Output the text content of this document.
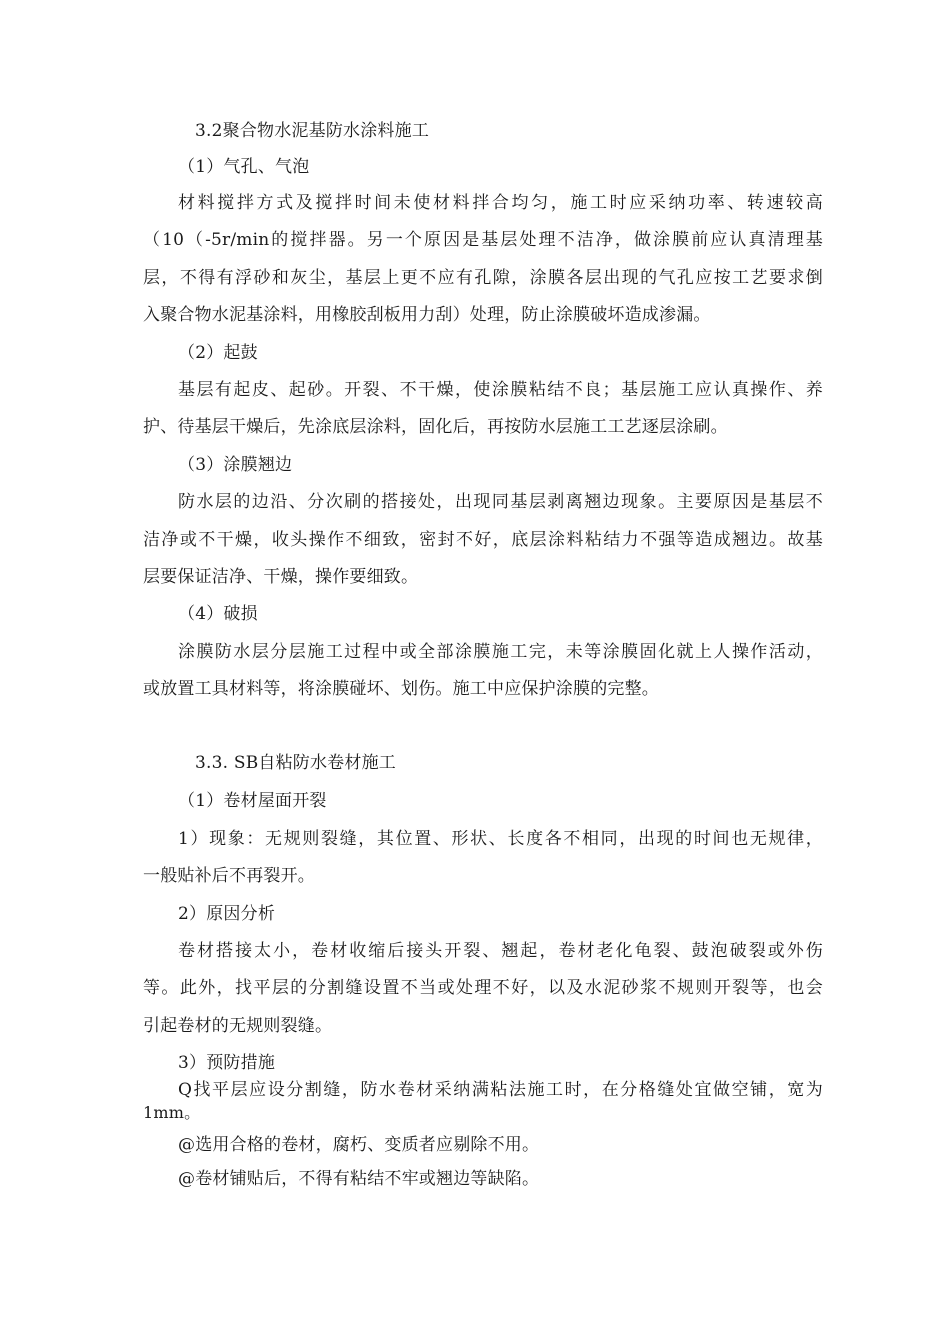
3.2聚合物水泥基防水涂料施工
（1）气孔、气泡
材料搅拌方式及搅拌时间未使材料拌合均匀，施工时应采纳功率、转速较高
（10（-5r/min的搅拌器。另一个原因是基层处理不洁净，做涂膜前应认真清理基
层，不得有浮砂和灰尘，基层上更不应有孔隙，涂膜各层出现的气孔应按工艺要求倒
入聚合物水泥基涂料，用橡胶刮板用力刮）处理，防止涂膜破坏造成渗漏。
（2）起鼓
基层有起皮、起砂。开裂、不干燥，使涂膜粘结不良；基层施工应认真操作、养
护、待基层干燥后，先涂底层涂料，固化后，再按防水层施工工艺逐层涂刷。
（3）涂膜翘边
防水层的边沿、分次刷的搭接处，出现同基层剥离翘边现象。主要原因是基层不
洁净或不干燥，收头操作不细致，密封不好，底层涂料粘结力不强等造成翘边。故基
层要保证洁净、干燥，操作要细致。
（4）破损
涂膜防水层分层施工过程中或全部涂膜施工完，未等涂膜固化就上人操作活动，
或放置工具材料等，将涂膜碰坏、划伤。施工中应保护涂膜的完整。
3.3. SB自粘防水卷材施工
（1）卷材屋面开裂
1）现象：无规则裂缝，其位置、形状、长度各不相同，出现的时间也无规律，
一般贴补后不再裂开。
2）原因分析
卷材搭接太小，卷材收缩后接头开裂、翘起，卷材老化龟裂、鼓泡破裂或外伤
等。此外，找平层的分割缝设置不当或处理不好，以及水泥砂浆不规则开裂等，也会
引起卷材的无规则裂缝。
3）预防措施
Q找平层应设分割缝，防水卷材采纳满粘法施工时，在分格缝处宜做空铺，宽为
1mm。
@选用合格的卷材，腐朽、变质者应剔除不用。
@卷材铺贴后，不得有粘结不牢或翘边等缺陷。
